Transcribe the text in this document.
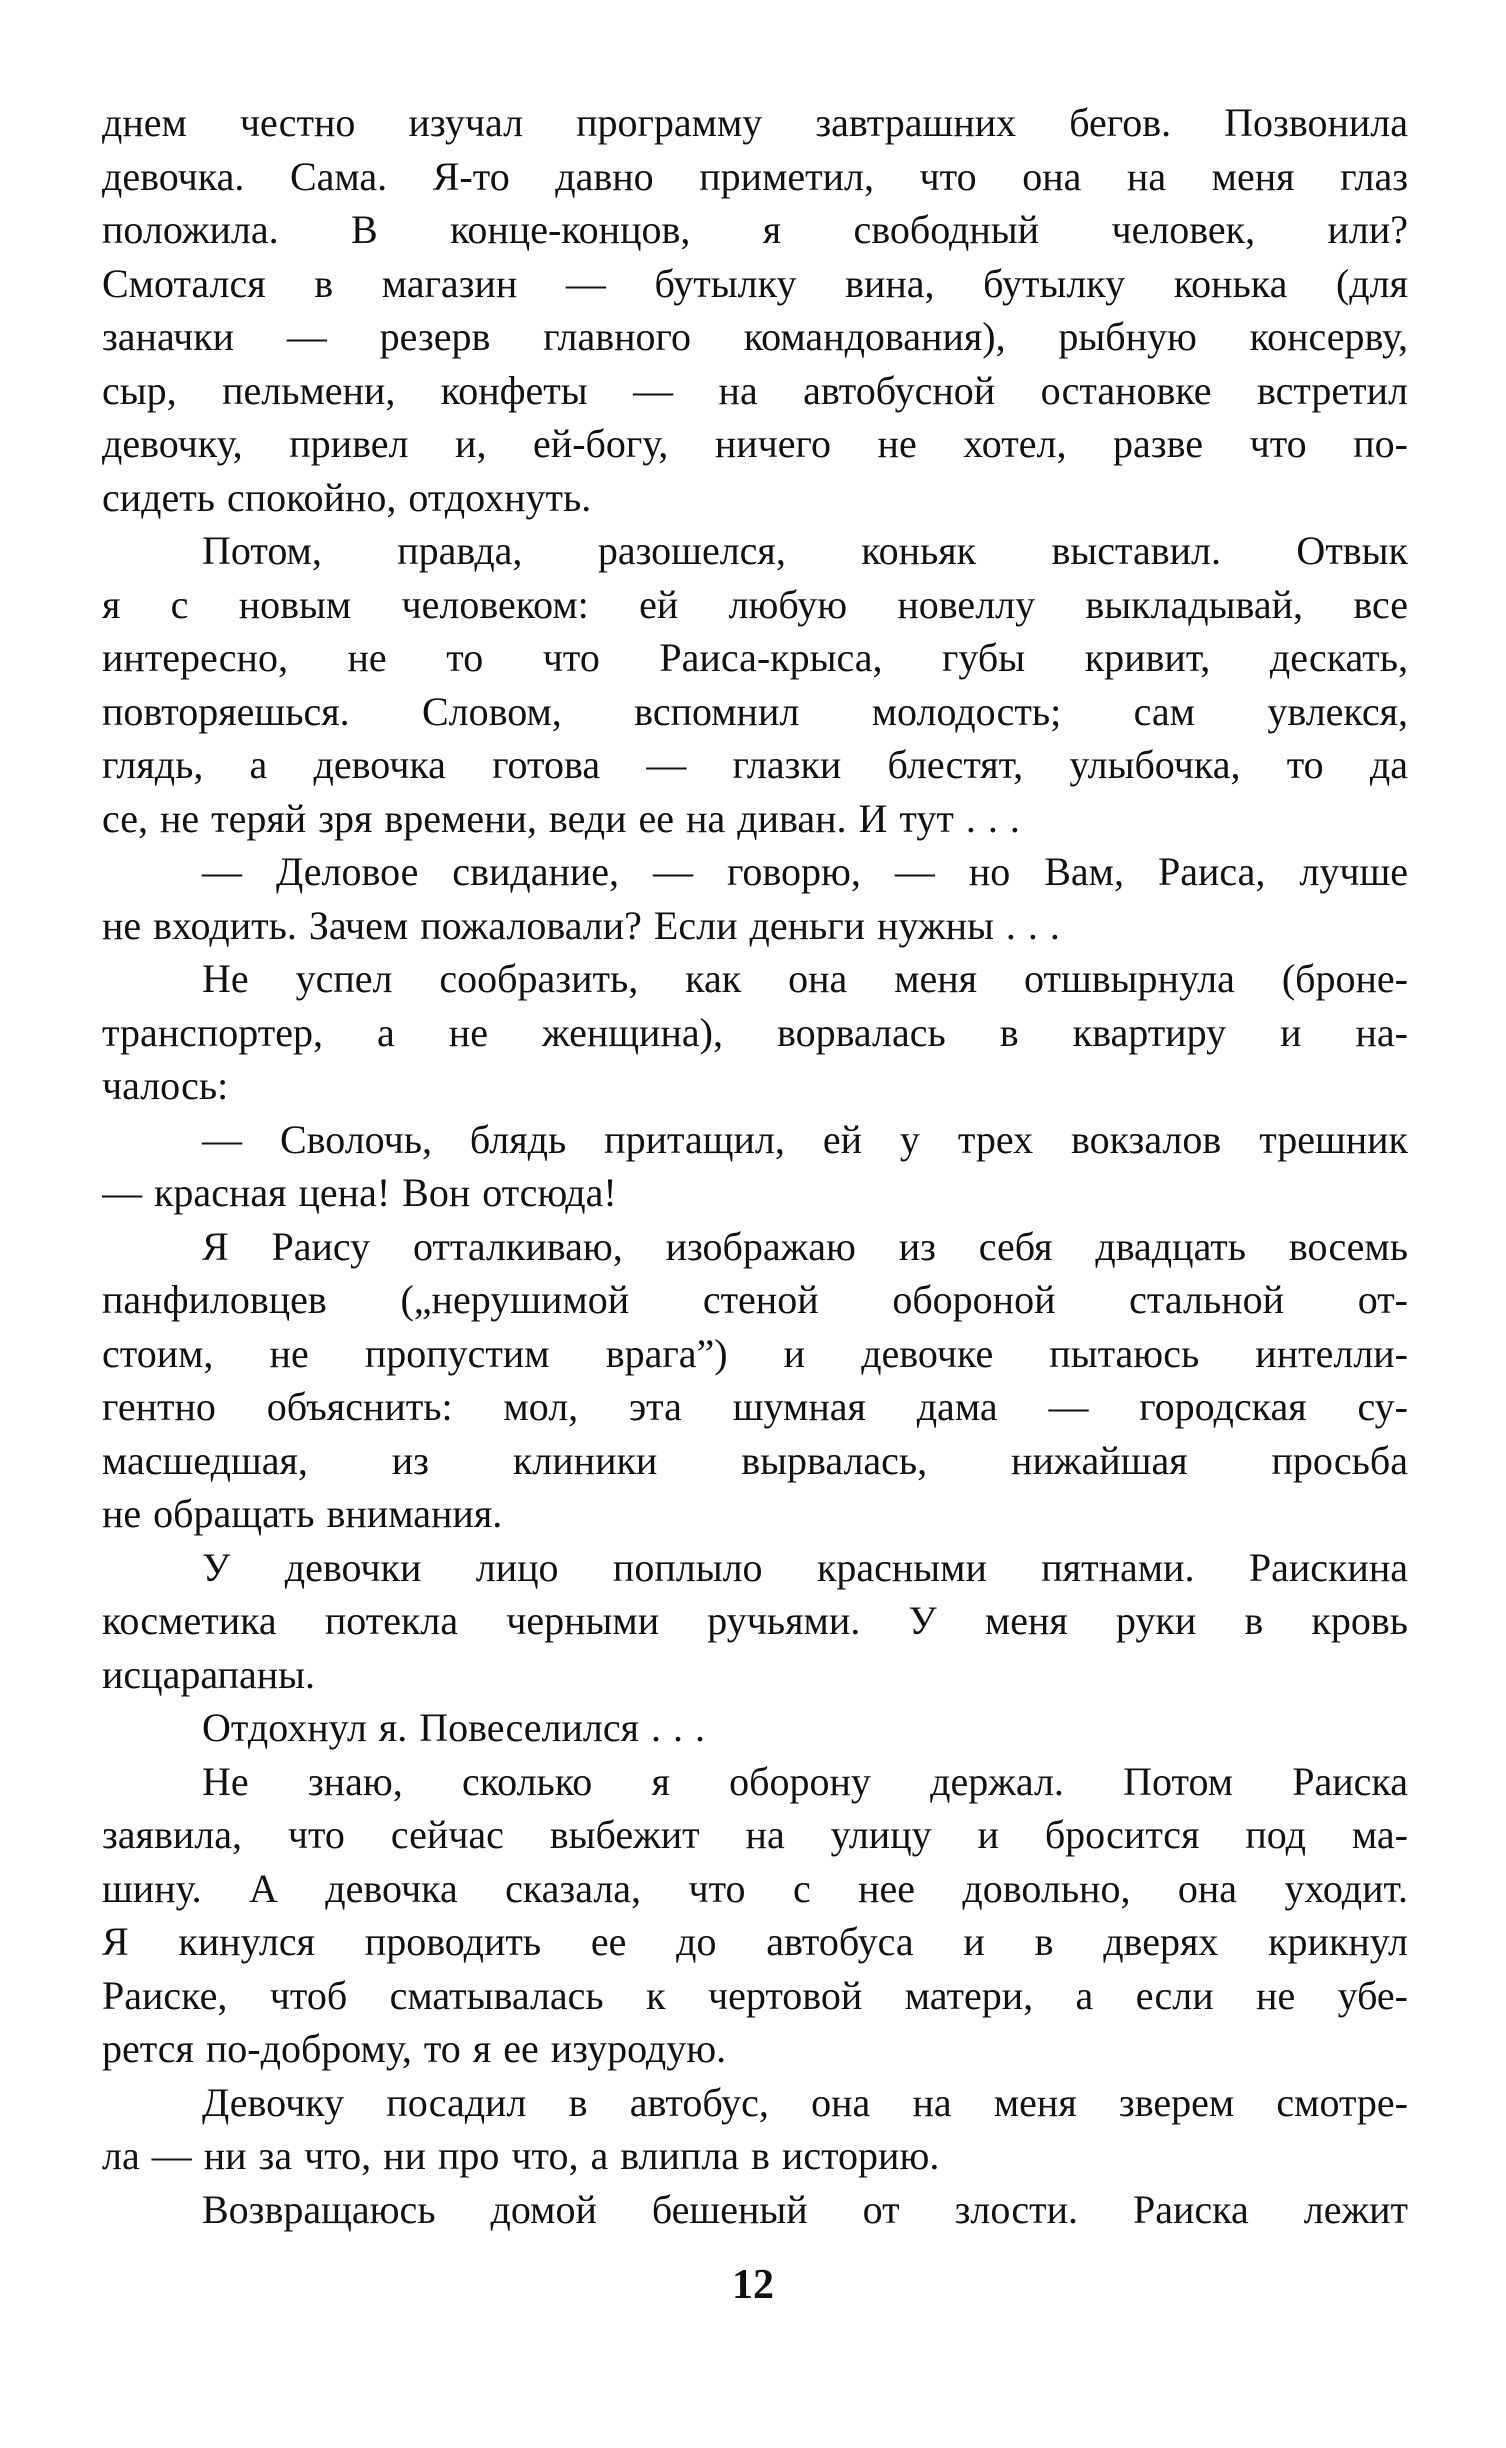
днем честно изучал программу завтрашних бегов. Позвонила
девочка. Сама. Я-то давно приметил, что она на меня глаз
положила. В конце-концов, я свободный человек, или?
Смотался в магазин — бутылку вина, бутылку конька (для
заначки — резерв главного командования), рыбную консерву,
сыр, пельмени, конфеты — на автобусной остановке встретил
девочку, привел и, ей-богу, ничего не хотел, разве что по-
сидеть спокойно, отдохнуть.
Потом, правда, разошелся, коньяк выставил. Отвык
я с новым человеком: ей любую новеллу выкладывай, все
интересно, не то что Раиса-крыса, губы кривит, дескать,
повторяешься. Словом, вспомнил молодость; сам увлекся,
глядь, а девочка готова — глазки блестят, улыбочка, то да
се, не теряй зря времени, веди ее на диван. И тут . . .
— Деловое свидание, — говорю, — но Вам, Раиса, лучше
не входить. Зачем пожаловали? Если деньги нужны . . .
Не успел сообразить, как она меня отшвырнула (броне-
транспортер, а не женщина), ворвалась в квартиру и на-
чалось:
— Сволочь, блядь притащил, ей у трех вокзалов трешник
— красная цена! Вон отсюда!
Я Раису отталкиваю, изображаю из себя двадцать восемь
панфиловцев („нерушимой стеной обороной стальной от-
стоим, не пропустим врага”) и девочке пытаюсь интелли-
гентно объяснить: мол, эта шумная дама — городская су-
масшедшая, из клиники вырвалась, нижайшая просьба
не обращать внимания.
У девочки лицо поплыло красными пятнами. Раискина
косметика потекла черными ручьями. У меня руки в кровь
исцарапаны.
Отдохнул я. Повеселился . . .
Не знаю, сколько я оборону держал. Потом Раиска
заявила, что сейчас выбежит на улицу и бросится под ма-
шину. А девочка сказала, что с нее довольно, она уходит.
Я кинулся проводить ее до автобуса и в дверях крикнул
Раиске, чтоб сматывалась к чертовой матери, а если не убе-
рется по-доброму, то я ее изуродую.
Девочку посадил в автобус, она на меня зверем смотре-
ла — ни за что, ни про что, а влипла в историю.
Возвращаюсь домой бешеный от злости. Раиска лежит
12
